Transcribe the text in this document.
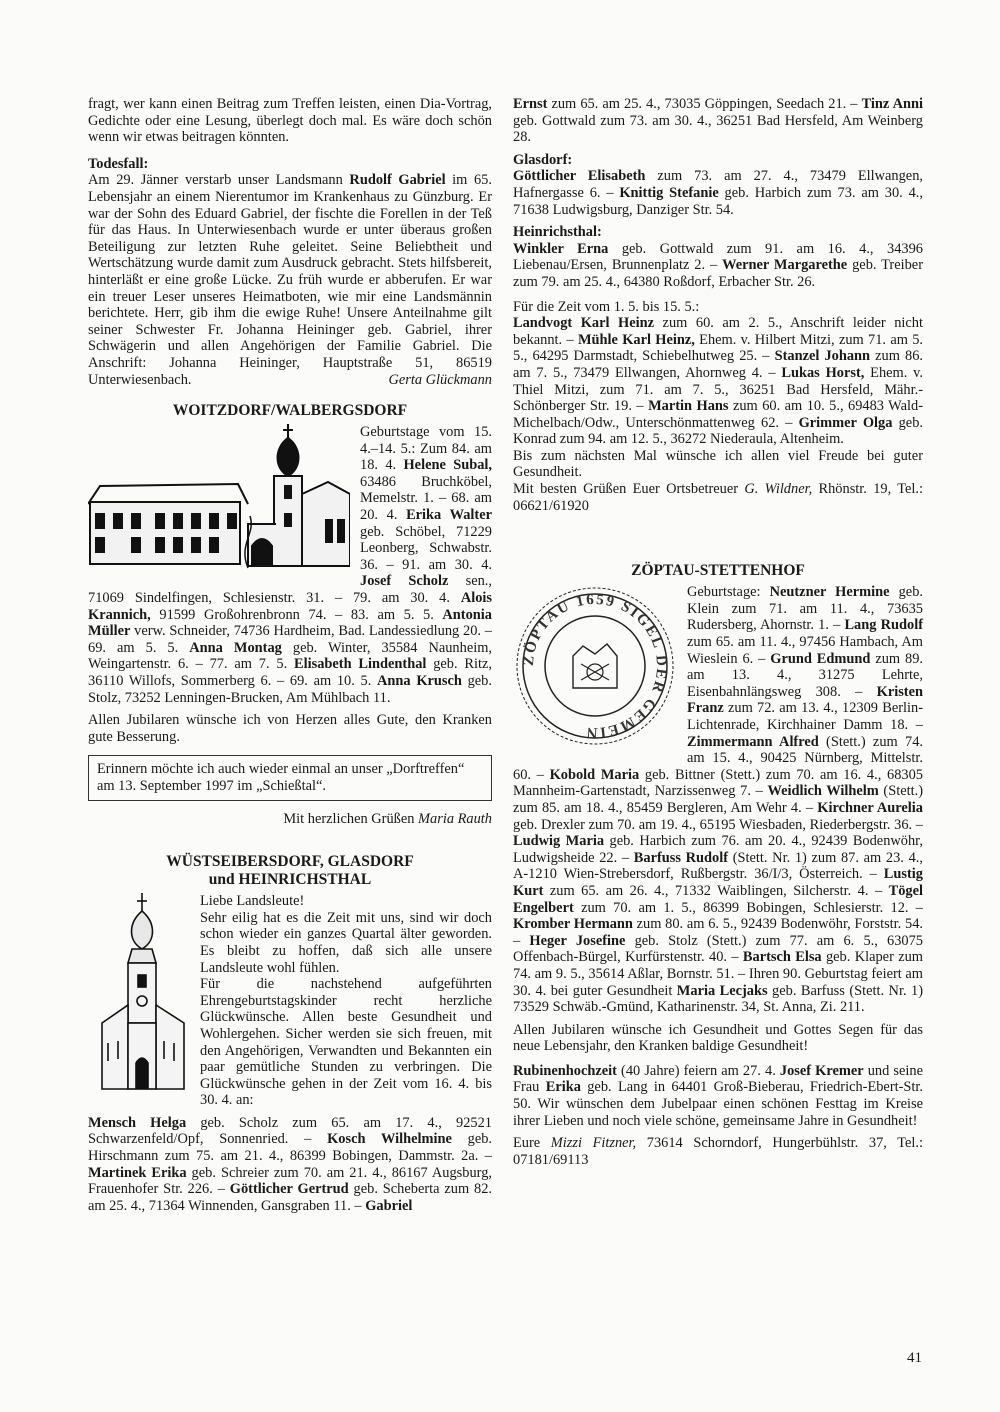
fragt, wer kann einen Beitrag zum Treffen leisten, einen Dia-Vortrag, Gedichte oder eine Lesung, überlegt doch mal. Es wäre doch schön wenn wir etwas beitragen könnten.

Todesfall:

Am 29. Jänner verstarb unser Landsmann Rudolf Gabriel im 65. Lebensjahr an einem Nierentumor im Krankenhaus zu Günzburg. Er war der Sohn des Eduard Gabriel, der fischte die Forellen in der Teß für das Haus. In Unterwiesenbach wurde er unter überaus großen Beteiligung zur letzten Ruhe geleitet. Seine Beliebtheit und Wertschätzung wurde damit zum Ausdruck gebracht. Stets hilfsbereit, hinterläßt er eine große Lücke. Zu früh wurde er abberufen. Er war ein treuer Leser unseres Heimatboten, wie mir eine Landsmännin berichtete. Herr, gib ihm die ewige Ruhe! Unsere Anteilnahme gilt seiner Schwester Fr. Johanna Heininger geb. Gabriel, ihrer Schwägerin und allen Angehörigen der Familie Gabriel. Die Anschrift: Johanna Heininger, Hauptstraße 51, 86519 Unterwiesenbach.	Gerta Glückmann

WOITZDORF/WALBERGSDORF

Geburtstage vom 15. 4.–14. 5.: Zum 84. am 18. 4. Helene Subal, 63486 Bruchköbel, Memelstr. 1. – 68. am 20. 4. Erika Walter geb. Schöbel, 71229 Leonberg, Schwabstr. 36. – 91. am 30. 4. Josef Scholz sen., 71069 Sindelfingen, Schlesienstr. 31. – 79. am 30. 4. Alois Krannich, 91599 Großohrenbronn 74. – 83. am 5. 5. Antonia Müller verw. Schneider, 74736 Hardheim, Bad. Landessiedlung 20. – 69. am 5. 5. Anna Montag geb. Winter, 35584 Naunheim, Weingartenstr. 6. – 77. am 7. 5. Elisabeth Lindenthal geb. Ritz, 36110 Willofs, Sommerberg 6. – 69. am 10. 5. Anna Krusch geb. Stolz, 73252 Lenningen-Brucken, Am Mühlbach 11.

Allen Jubilaren wünsche ich von Herzen alles Gute, den Kranken gute Besserung.

Erinnern möchte ich auch wieder einmal an unser „Dorftreffen“ am 13. September 1997 im „Schießtal“.

Mit herzlichen Grüßen Maria Rauth

WÜSTSEIBERSDORF, GLASDORF
und HEINRICHSTHAL

Liebe Landsleute!
Sehr eilig hat es die Zeit mit uns, sind wir doch schon wieder ein ganzes Quartal älter geworden. Es bleibt zu hoffen, daß sich alle unsere Landsleute wohl fühlen.
Für die nachstehend aufgeführten Ehrengeburtstagskinder recht herzliche Glückwünsche. Allen beste Gesundheit und Wohlergehen. Sicher werden sie sich freuen, mit den Angehörigen, Verwandten und Bekannten ein paar gemütliche Stunden zu verbringen. Die Glückwünsche gehen in der Zeit vom 16. 4. bis 30. 4. an:

Mensch Helga geb. Scholz zum 65. am 17. 4., 92521 Schwarzenfeld/Opf, Sonnenried. – Kosch Wilhelmine geb. Hirschmann zum 75. am 21. 4., 86399 Bobingen, Dammstr. 2a. – Martinek Erika geb. Schreier zum 70. am 21. 4., 86167 Augsburg, Frauenhofer Str. 226. – Göttlicher Gertrud geb. Scheberta zum 82. am 25. 4., 71364 Winnenden, Gansgraben 11. – Gabriel

Ernst zum 65. am 25. 4., 73035 Göppingen, Seedach 21. – Tinz Anni geb. Gottwald zum 73. am 30. 4., 36251 Bad Hersfeld, Am Weinberg 28.

Glasdorf:

Göttlicher Elisabeth zum 73. am 27. 4., 73479 Ellwangen, Hafnergasse 6. – Knittig Stefanie geb. Harbich zum 73. am 30. 4., 71638 Ludwigsburg, Danziger Str. 54.

Heinrichsthal:

Winkler Erna geb. Gottwald zum 91. am 16. 4., 34396 Liebenau/Ersen, Brunnenplatz 2. – Werner Margarethe geb. Treiber zum 79. am 25. 4., 64380 Roßdorf, Erbacher Str. 26.

Für die Zeit vom 1. 5. bis 15. 5.:

Landvogt Karl Heinz zum 60. am 2. 5., Anschrift leider nicht bekannt. – Mühle Karl Heinz, Ehem. v. Hilbert Mitzi, zum 71. am 5. 5., 64295 Darmstadt, Schiebelhutweg 25. – Stanzel Johann zum 86. am 7. 5., 73479 Ellwangen, Ahornweg 4. – Lukas Horst, Ehem. v. Thiel Mitzi, zum 71. am 7. 5., 36251 Bad Hersfeld, Mähr.-Schönberger Str. 19. – Martin Hans zum 60. am 10. 5., 69483 Wald-Michelbach/Odw., Unterschönmattenweg 62. – Grimmer Olga geb. Konrad zum 94. am 12. 5., 36272 Niederaula, Altenheim.

Bis zum nächsten Mal wünsche ich allen viel Freude bei guter Gesundheit.

Mit besten Grüßen Euer Ortsbetreuer G. Wildner, Rhönstr. 19, Tel.: 06621/61920

ZÖPTAU-STETTENHOF
ZÖPTAU 1659 SIGEL DER GEMEIN

Geburtstage: Neutzner Hermine geb. Klein zum 71. am 11. 4., 73635 Rudersberg, Ahornstr. 1. – Lang Rudolf zum 65. am 11. 4., 97456 Hambach, Am Wieslein 6. – Grund Edmund zum 89. am 13. 4., 31275 Lehrte, Eisenbahnlängsweg 308. – Kristen Franz zum 72. am 13. 4., 12309 Berlin-Lichtenrade, Kirchhainer Damm 18. – Zimmermann Alfred (Stett.) zum 74. am 15. 4., 90425 Nürnberg, Mittelstr. 60. – Kobold Maria geb. Bittner (Stett.) zum 70. am 16. 4., 68305 Mannheim-Gartenstadt, Narzissenweg 7. – Weidlich Wilhelm (Stett.) zum 85. am 18. 4., 85459 Bergleren, Am Wehr 4. – Kirchner Aurelia geb. Drexler zum 70. am 19. 4., 65195 Wiesbaden, Riederbergstr. 36. – Ludwig Maria geb. Harbich zum 76. am 20. 4., 92439 Bodenwöhr, Ludwigsheide 22. – Barfuss Rudolf (Stett. Nr. 1) zum 87. am 23. 4., A-1210 Wien-Strebersdorf, Rußbergstr. 36/I/3, Österreich. – Lustig Kurt zum 65. am 26. 4., 71332 Waiblingen, Silcherstr. 4. – Tögel Engelbert zum 70. am 1. 5., 86399 Bobingen, Schlesierstr. 12. – Kromber Hermann zum 80. am 6. 5., 92439 Bodenwöhr, Forststr. 54. – Heger Josefine geb. Stolz (Stett.) zum 77. am 6. 5., 63075 Offenbach-Bürgel, Kurfürstenstr. 40. – Bartsch Elsa geb. Klaper zum 74. am 9. 5., 35614 Aßlar, Bornstr. 51. – Ihren 90. Geburtstag feiert am 30. 4. bei guter Gesundheit Maria Lecjaks geb. Barfuss (Stett. Nr. 1) 73529 Schwäb.-Gmünd, Katharinenstr. 34, St. Anna, Zi. 211.

Allen Jubilaren wünsche ich Gesundheit und Gottes Segen für das neue Lebensjahr, den Kranken baldige Gesundheit!

Rubinenhochzeit (40 Jahre) feiern am 27. 4. Josef Kremer und seine Frau Erika geb. Lang in 64401 Groß-Bieberau, Friedrich-Ebert-Str. 50. Wir wünschen dem Jubelpaar einen schönen Festtag im Kreise ihrer Lieben und noch viele schöne, gemeinsame Jahre in Gesundheit!

Eure Mizzi Fitzner, 73614 Schorndorf, Hungerbühlstr. 37, Tel.: 07181/69113

41
